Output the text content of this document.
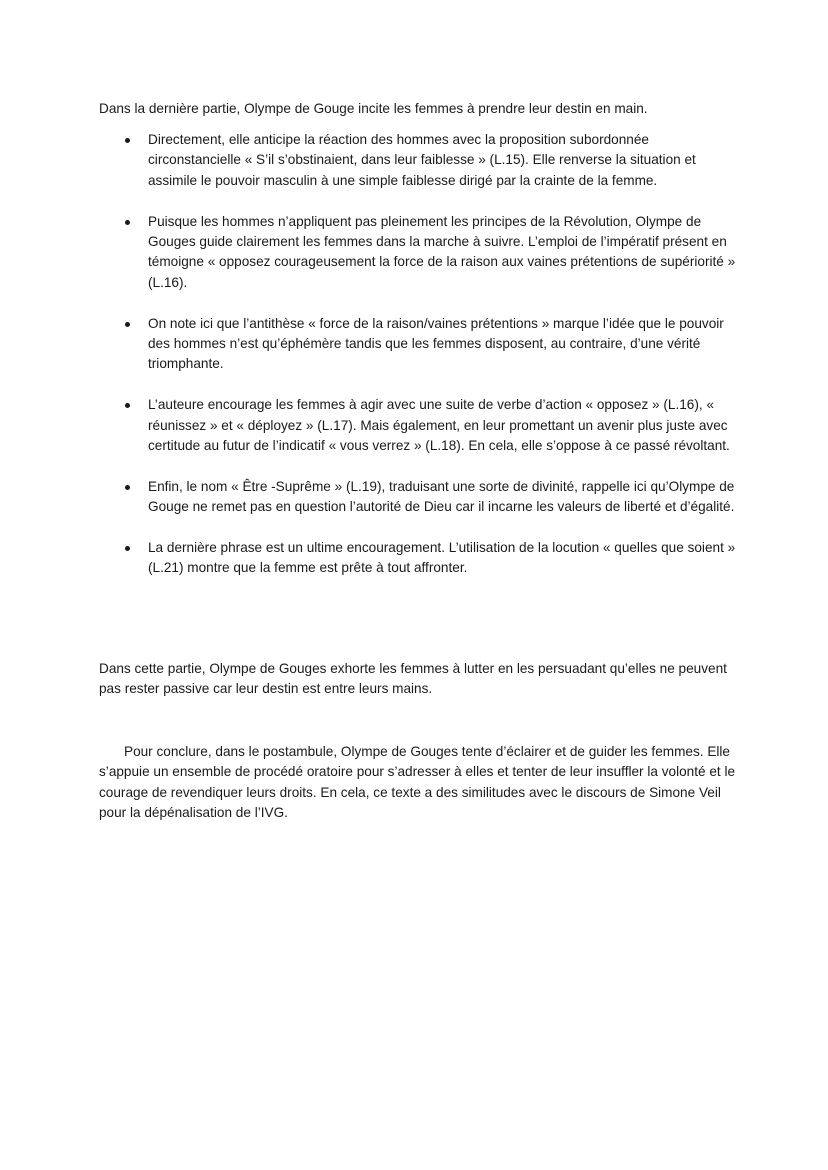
Dans la dernière partie, Olympe de Gouge incite les femmes à prendre leur destin en main.

Directement, elle anticipe la réaction des hommes avec la proposition subordonnée circonstancielle « S’il s’obstinaient, dans leur faiblesse » (L.15). Elle renverse la situation et assimile le pouvoir masculin à une simple faiblesse dirigé par la crainte de la femme.
Puisque les hommes n’appliquent pas pleinement les principes de la Révolution, Olympe de Gouges guide clairement les femmes dans la marche à suivre. L’emploi de l’impératif présent en témoigne « opposez courageusement la force de la raison aux vaines prétentions de supériorité » (L.16).
On note ici que l’antithèse « force de la raison/vaines prétentions » marque l’idée que le pouvoir des hommes n’est qu’éphémère tandis que les femmes disposent, au contraire, d’une vérité triomphante.
L’auteure encourage les femmes à agir avec une suite de verbe d’action « opposez » (L.16), « réunissez » et « déployez » (L.17). Mais également, en leur promettant un avenir plus juste avec certitude au futur de l’indicatif « vous verrez » (L.18). En cela, elle s’oppose à ce passé révoltant.
Enfin, le nom « Être -Suprême » (L.19), traduisant une sorte de divinité, rappelle ici qu’Olympe de Gouge ne remet pas en question l’autorité de Dieu car il incarne les valeurs de liberté et d’égalité.
La dernière phrase est un ultime encouragement. L’utilisation de la locution « quelles que soient » (L.21) montre que la femme est prête à tout affronter.

Dans cette partie, Olympe de Gouges exhorte les femmes à lutter en les persuadant qu’elles ne peuvent pas rester passive car leur destin est entre leurs mains.

Pour conclure, dans le postambule, Olympe de Gouges tente d’éclairer et de guider les femmes. Elle s’appuie un ensemble de procédé oratoire pour s’adresser à elles et tenter de leur insuffler la volonté et le courage de revendiquer leurs droits. En cela, ce texte a des similitudes avec le discours de Simone Veil pour la dépénalisation de l’IVG.
